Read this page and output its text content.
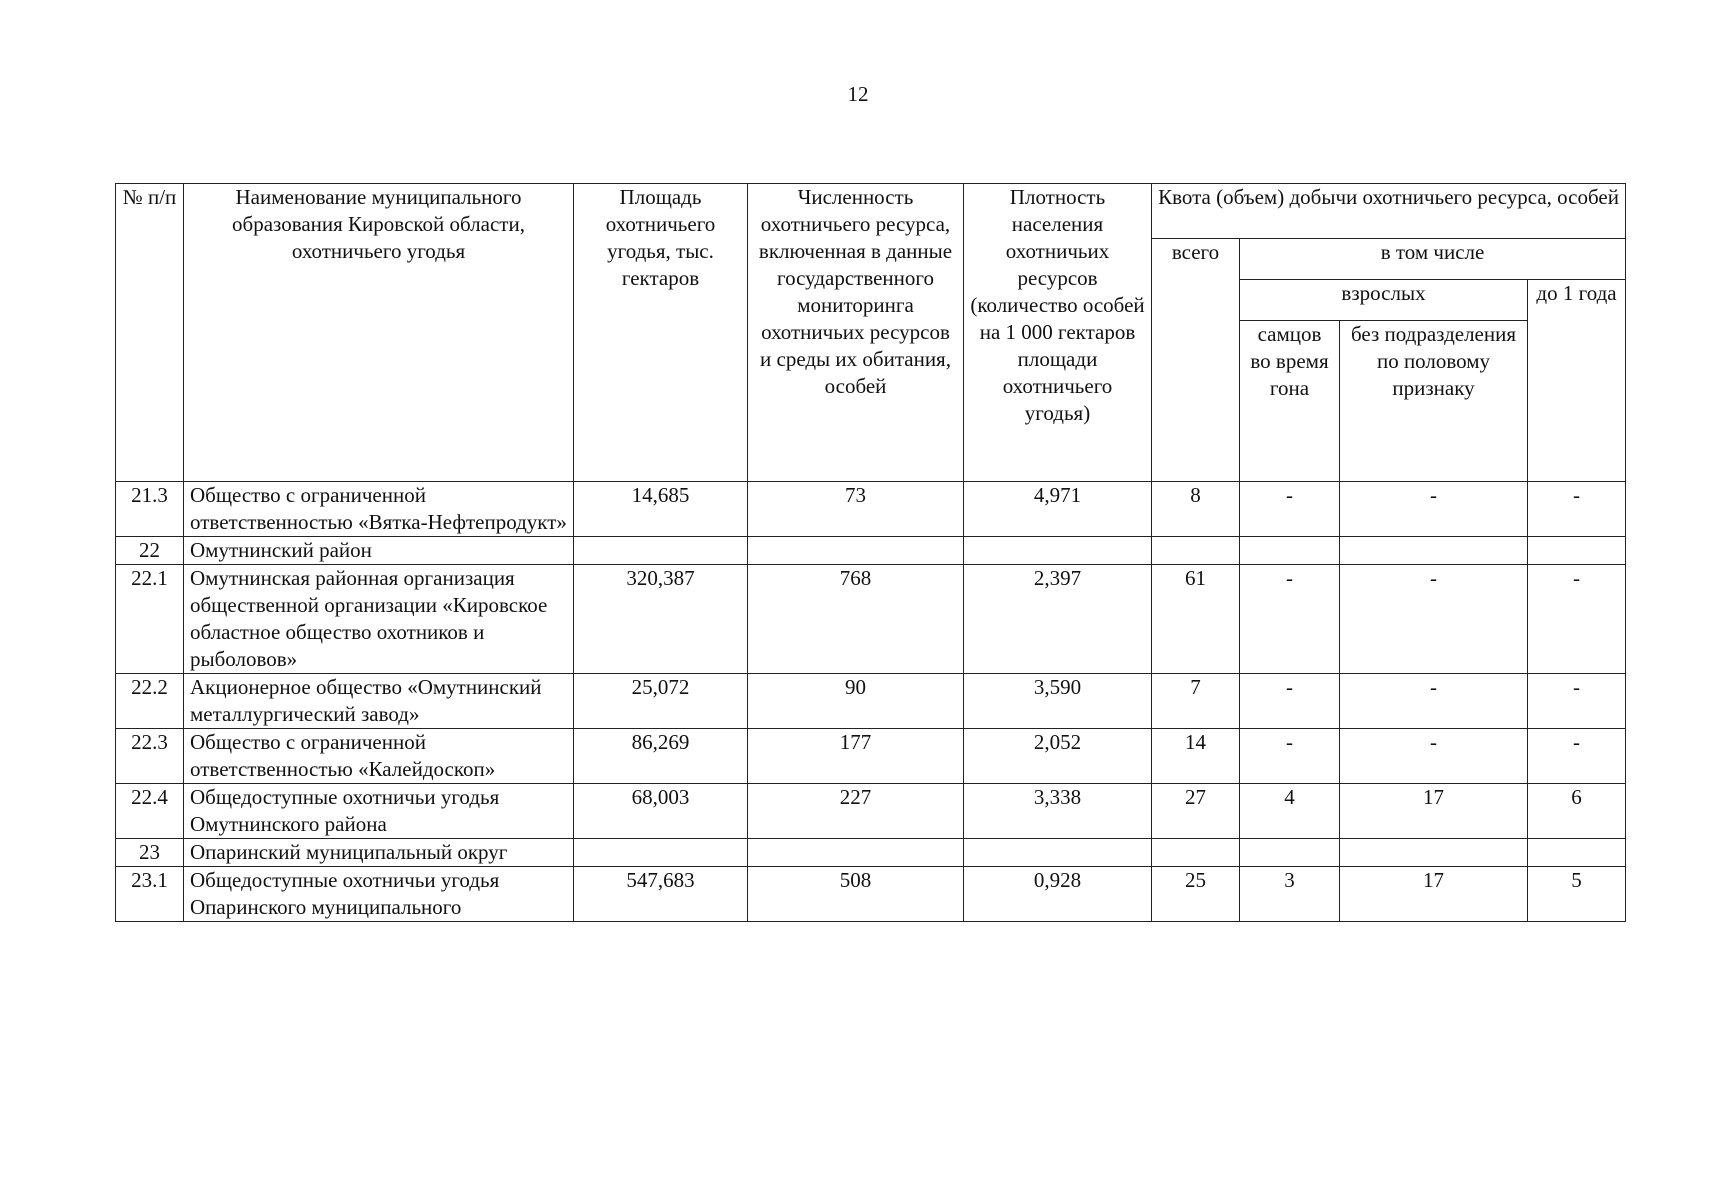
12
№ п/п	Наименование муниципального образования Кировской области, охотничьего угодья	Площадь охотничьего угодья, тыс. гектаров	Численность охотничьего ресурса, включенная в данные государственного мониторинга охотничьих ресурсов и среды их обитания, особей	Плотность населения охотничьих ресурсов (количество особей на 1 000 гектаров площади охотничьего угодья)	Квота (объем) добычи охотничьего ресурса, особей			
					всего	в том числе		
						взрослых		до 1 года
						самцов во время гона	без подразделения по половому признаку	
21.3	Общество с ограниченной ответственностью «Вятка-Нефтепродукт»	14,685	73	4,971	8	-	-	-
22	Омутнинский район							
22.1	Омутнинская районная организация общественной организации «Кировское областное общество охотников и рыболовов»	320,387	768	2,397	61	-	-	-
22.2	Акционерное общество «Омутнинский металлургический завод»	25,072	90	3,590	7	-	-	-
22.3	Общество с ограниченной ответственностью «Калейдоскоп»	86,269	177	2,052	14	-	-	-
22.4	Общедоступные охотничьи угодья Омутнинского района	68,003	227	3,338	27	4	17	6
23	Опаринский муниципальный округ							
23.1	Общедоступные охотничьи угодья Опаринского муниципального	547,683	508	0,928	25	3	17	5
